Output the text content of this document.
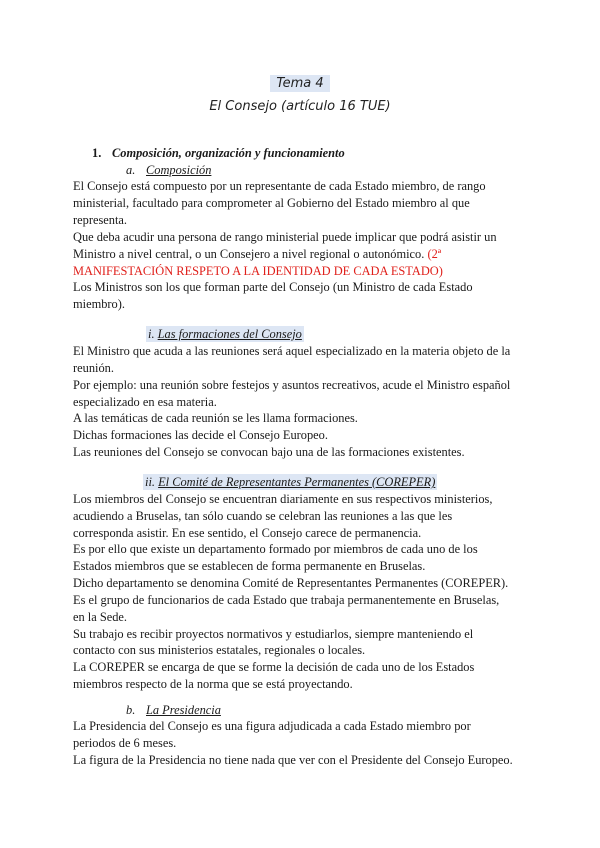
Tema 4
El Consejo (artículo 16 TUE)
1. Composición, organización y funcionamiento
a. Composición
El Consejo está compuesto por un representante de cada Estado miembro, de rango
ministerial, facultado para comprometer al Gobierno del Estado miembro al que
representa.
Que deba acudir una persona de rango ministerial puede implicar que podrá asistir un
Ministro a nivel central, o un Consejero a nivel regional o autonómico. (2ª
MANIFESTACIÓN RESPETO A LA IDENTIDAD DE CADA ESTADO)
Los Ministros son los que forman parte del Consejo (un Ministro de cada Estado
miembro).
i. Las formaciones del Consejo
El Ministro que acuda a las reuniones será aquel especializado en la materia objeto de la
reunión.
Por ejemplo: una reunión sobre festejos y asuntos recreativos, acude el Ministro español
especializado en esa materia.
A las temáticas de cada reunión se les llama formaciones.
Dichas formaciones las decide el Consejo Europeo.
Las reuniones del Consejo se convocan bajo una de las formaciones existentes.
ii. El Comité de Representantes Permanentes (COREPER)
Los miembros del Consejo se encuentran diariamente en sus respectivos ministerios,
acudiendo a Bruselas, tan sólo cuando se celebran las reuniones a las que les
corresponda asistir. En ese sentido, el Consejo carece de permanencia.
Es por ello que existe un departamento formado por miembros de cada uno de los
Estados miembros que se establecen de forma permanente en Bruselas.
Dicho departamento se denomina Comité de Representantes Permanentes (COREPER).
Es el grupo de funcionarios de cada Estado que trabaja permanentemente en Bruselas,
en la Sede.
Su trabajo es recibir proyectos normativos y estudiarlos, siempre manteniendo el
contacto con sus ministerios estatales, regionales o locales.
La COREPER se encarga de que se forme la decisión de cada uno de los Estados
miembros respecto de la norma que se está proyectando.
b. La Presidencia
La Presidencia del Consejo es una figura adjudicada a cada Estado miembro por
periodos de 6 meses.
La figura de la Presidencia no tiene nada que ver con el Presidente del Consejo Europeo.
